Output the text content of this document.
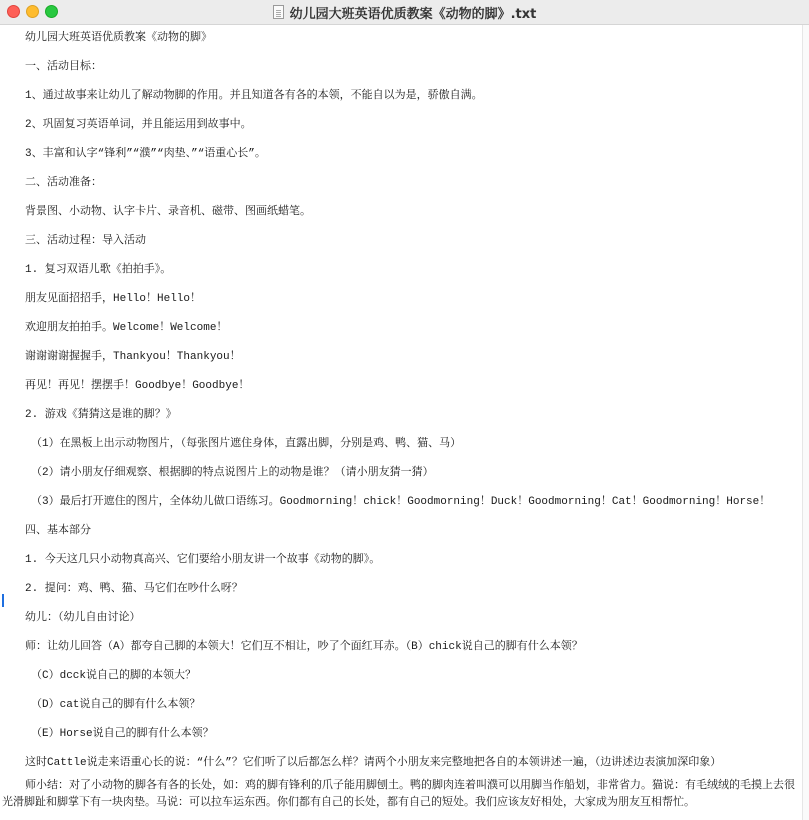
幼儿园大班英语优质教案《动物的脚》.txt
幼儿园大班英语优质教案《动物的脚》
一、活动目标：
1、通过故事来让幼儿了解动物脚的作用。并且知道各有各的本领，不能自以为是，骄傲自满。
2、巩固复习英语单词，并且能运用到故事中。
3、丰富和认字“锋利”“濮”“肉垫、”“语重心长”。
二、活动准备：
背景图、小动物、认字卡片、录音机、磁带、图画纸蜡笔。
三、活动过程：导入活动
1. 复习双语儿歌《拍拍手》。
朋友见面招招手，Hello！Hello！
欢迎朋友拍拍手。Welcome！Welcome！
谢谢谢谢握握手，Thankyou！Thankyou！
再见！再见！摆摆手！Goodbye！Goodbye！
2. 游戏《猜猜这是谁的脚？》
（1）在黑板上出示动物图片，（每张图片遮住身体，直露出脚，分别是鸡、鸭、猫、马）
（2）请小朋友仔细观察、根据脚的特点说图片上的动物是谁？（请小朋友猜一猜）
（3）最后打开遮住的图片，全体幼儿做口语练习。Goodmorning！chick！Goodmorning！Duck！Goodmorning！Cat！Goodmorning！Horse！
四、基本部分
1. 今天这几只小动物真高兴、它们要给小朋友讲一个故事《动物的脚》。
2. 提问：鸡、鸭、猫、马它们在吵什么呀？
幼儿：（幼儿自由讨论）
师：让幼儿回答（A）都夸自己脚的本领大！它们互不相让，吵了个面红耳赤。（B）chick说自己的脚有什么本领？
（C）dcck说自己的脚的本领大？
（D）cat说自己的脚有什么本领？
（E）Horse说自己的脚有什么本领？
这时Cattle说走来语重心长的说：“什么”？它们听了以后都怎么样？请两个小朋友来完整地把各自的本领讲述一遍，（边讲述边表演加深印象）
师小结：对了小动物的脚各有各的长处，如：鸡的脚有锋利的爪子能用脚刨土。鸭的脚肉连着叫濮可以用脚当作船划，非常省力。猫说：有毛绒绒的毛摸上去很
光滑脚趾和脚掌下有一块肉垫。马说：可以拉车运东西。你们都有自己的长处，都有自己的短处。我们应该友好相处，大家成为朋友互相帮忙。
